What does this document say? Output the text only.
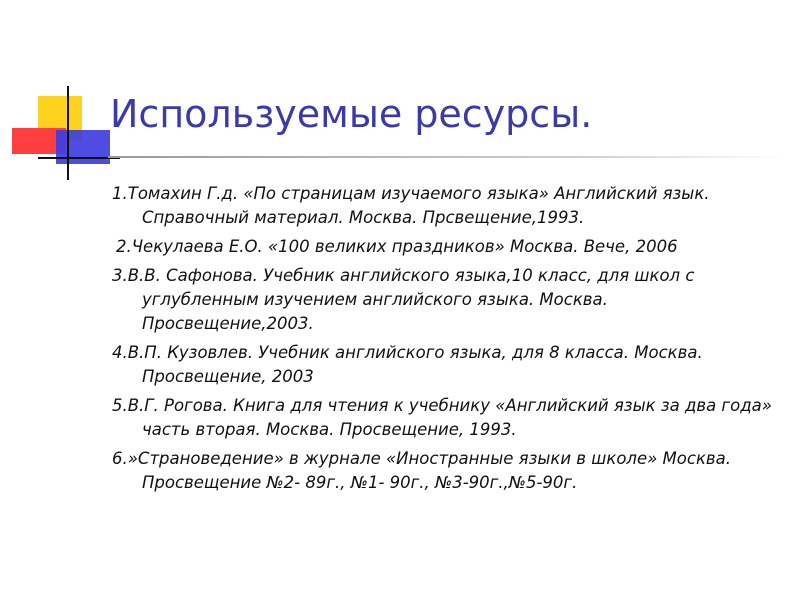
Используемые ресурсы.
1.Томахин Г.д. «По страницам изучаемого языка» Английский язык. Справочный материал. Москва. Прсвещение,1993.
2.Чекулаева Е.О. «100 великих праздников» Москва. Вече, 2006
3.В.В. Сафонова. Учебник английского языка,10 класс, для школ с углубленным изучением английского языка. Москва. Просвещение,2003.
4.В.П. Кузовлев. Учебник английского языка, для 8 класса. Москва. Просвещение, 2003
5.В.Г. Рогова. Книга для чтения к учебнику «Английский язык за два года» часть вторая. Москва. Просвещение, 1993.
6.»Страноведение» в журнале «Иностранные языки в школе» Москва. Просвещение №2- 89г., №1- 90г., №3-90г.,№5-90г.
